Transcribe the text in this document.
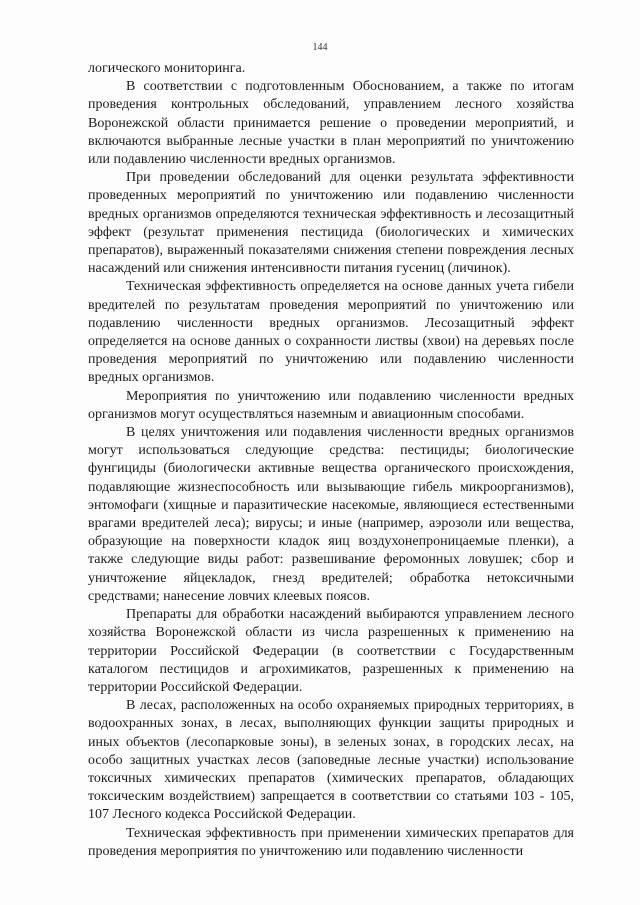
144

логического мониторинга.

В соответствии с подготовленным Обоснованием, а также по итогам проведения контрольных обследований, управлением лесного хозяйства Воронежской области принимается решение о проведении мероприятий, и включаются выбранные лесные участки в план мероприятий по уничтожению или подавлению численности вредных организмов.

При проведении обследований для оценки результата эффективности проведенных мероприятий по уничтожению или подавлению численности вредных организмов определяются техническая эффективность и лесозащитный эффект (результат применения пестицида (биологических и химических препаратов), выраженный показателями снижения степени повреждения лесных насаждений или снижения интенсивности питания гусениц (личинок).

Техническая эффективность определяется на основе данных учета гибели вредителей по результатам проведения мероприятий по уничтожению или подавлению численности вредных организмов. Лесозащитный эффект определяется на основе данных о сохранности листвы (хвои) на деревьях после проведения мероприятий по уничтожению или подавлению численности вредных организмов.

Мероприятия по уничтожению или подавлению численности вредных организмов могут осуществляться наземным и авиационным способами.

В целях уничтожения или подавления численности вредных организмов могут использоваться следующие средства: пестициды; биологические фунгициды (биологически активные вещества органического происхождения, подавляющие жизнеспособность или вызывающие гибель микроорганизмов), энтомофаги (хищные и паразитические насекомые, являющиеся естественными врагами вредителей леса); вирусы; и иные (например, аэрозоли или вещества, образующие на поверхности кладок яиц воздухонепроницаемые пленки), а также следующие виды работ: развешивание феромонных ловушек; сбор и уничтожение яйцекладок, гнезд вредителей; обработка нетоксичными средствами; нанесение ловчих клеевых поясов.

Препараты для обработки насаждений выбираются управлением лесного хозяйства Воронежской области из числа разрешенных к применению на территории Российской Федерации (в соответствии с Государственным каталогом пестицидов и агрохимикатов, разрешенных к применению на территории Российской Федерации.

В лесах, расположенных на особо охраняемых природных территориях, в водоохранных зонах, в лесах, выполняющих функции защиты природных и иных объектов (лесопарковые зоны), в зеленых зонах, в городских лесах, на особо защитных участках лесов (заповедные лесные участки) использование токсичных химических препаратов (химических препаратов, обладающих токсическим воздействием) запрещается в соответствии со статьями 103 - 105, 107 Лесного кодекса Российской Федерации.

Техническая эффективность при применении химических препаратов для проведения мероприятия по уничтожению или подавлению численности
